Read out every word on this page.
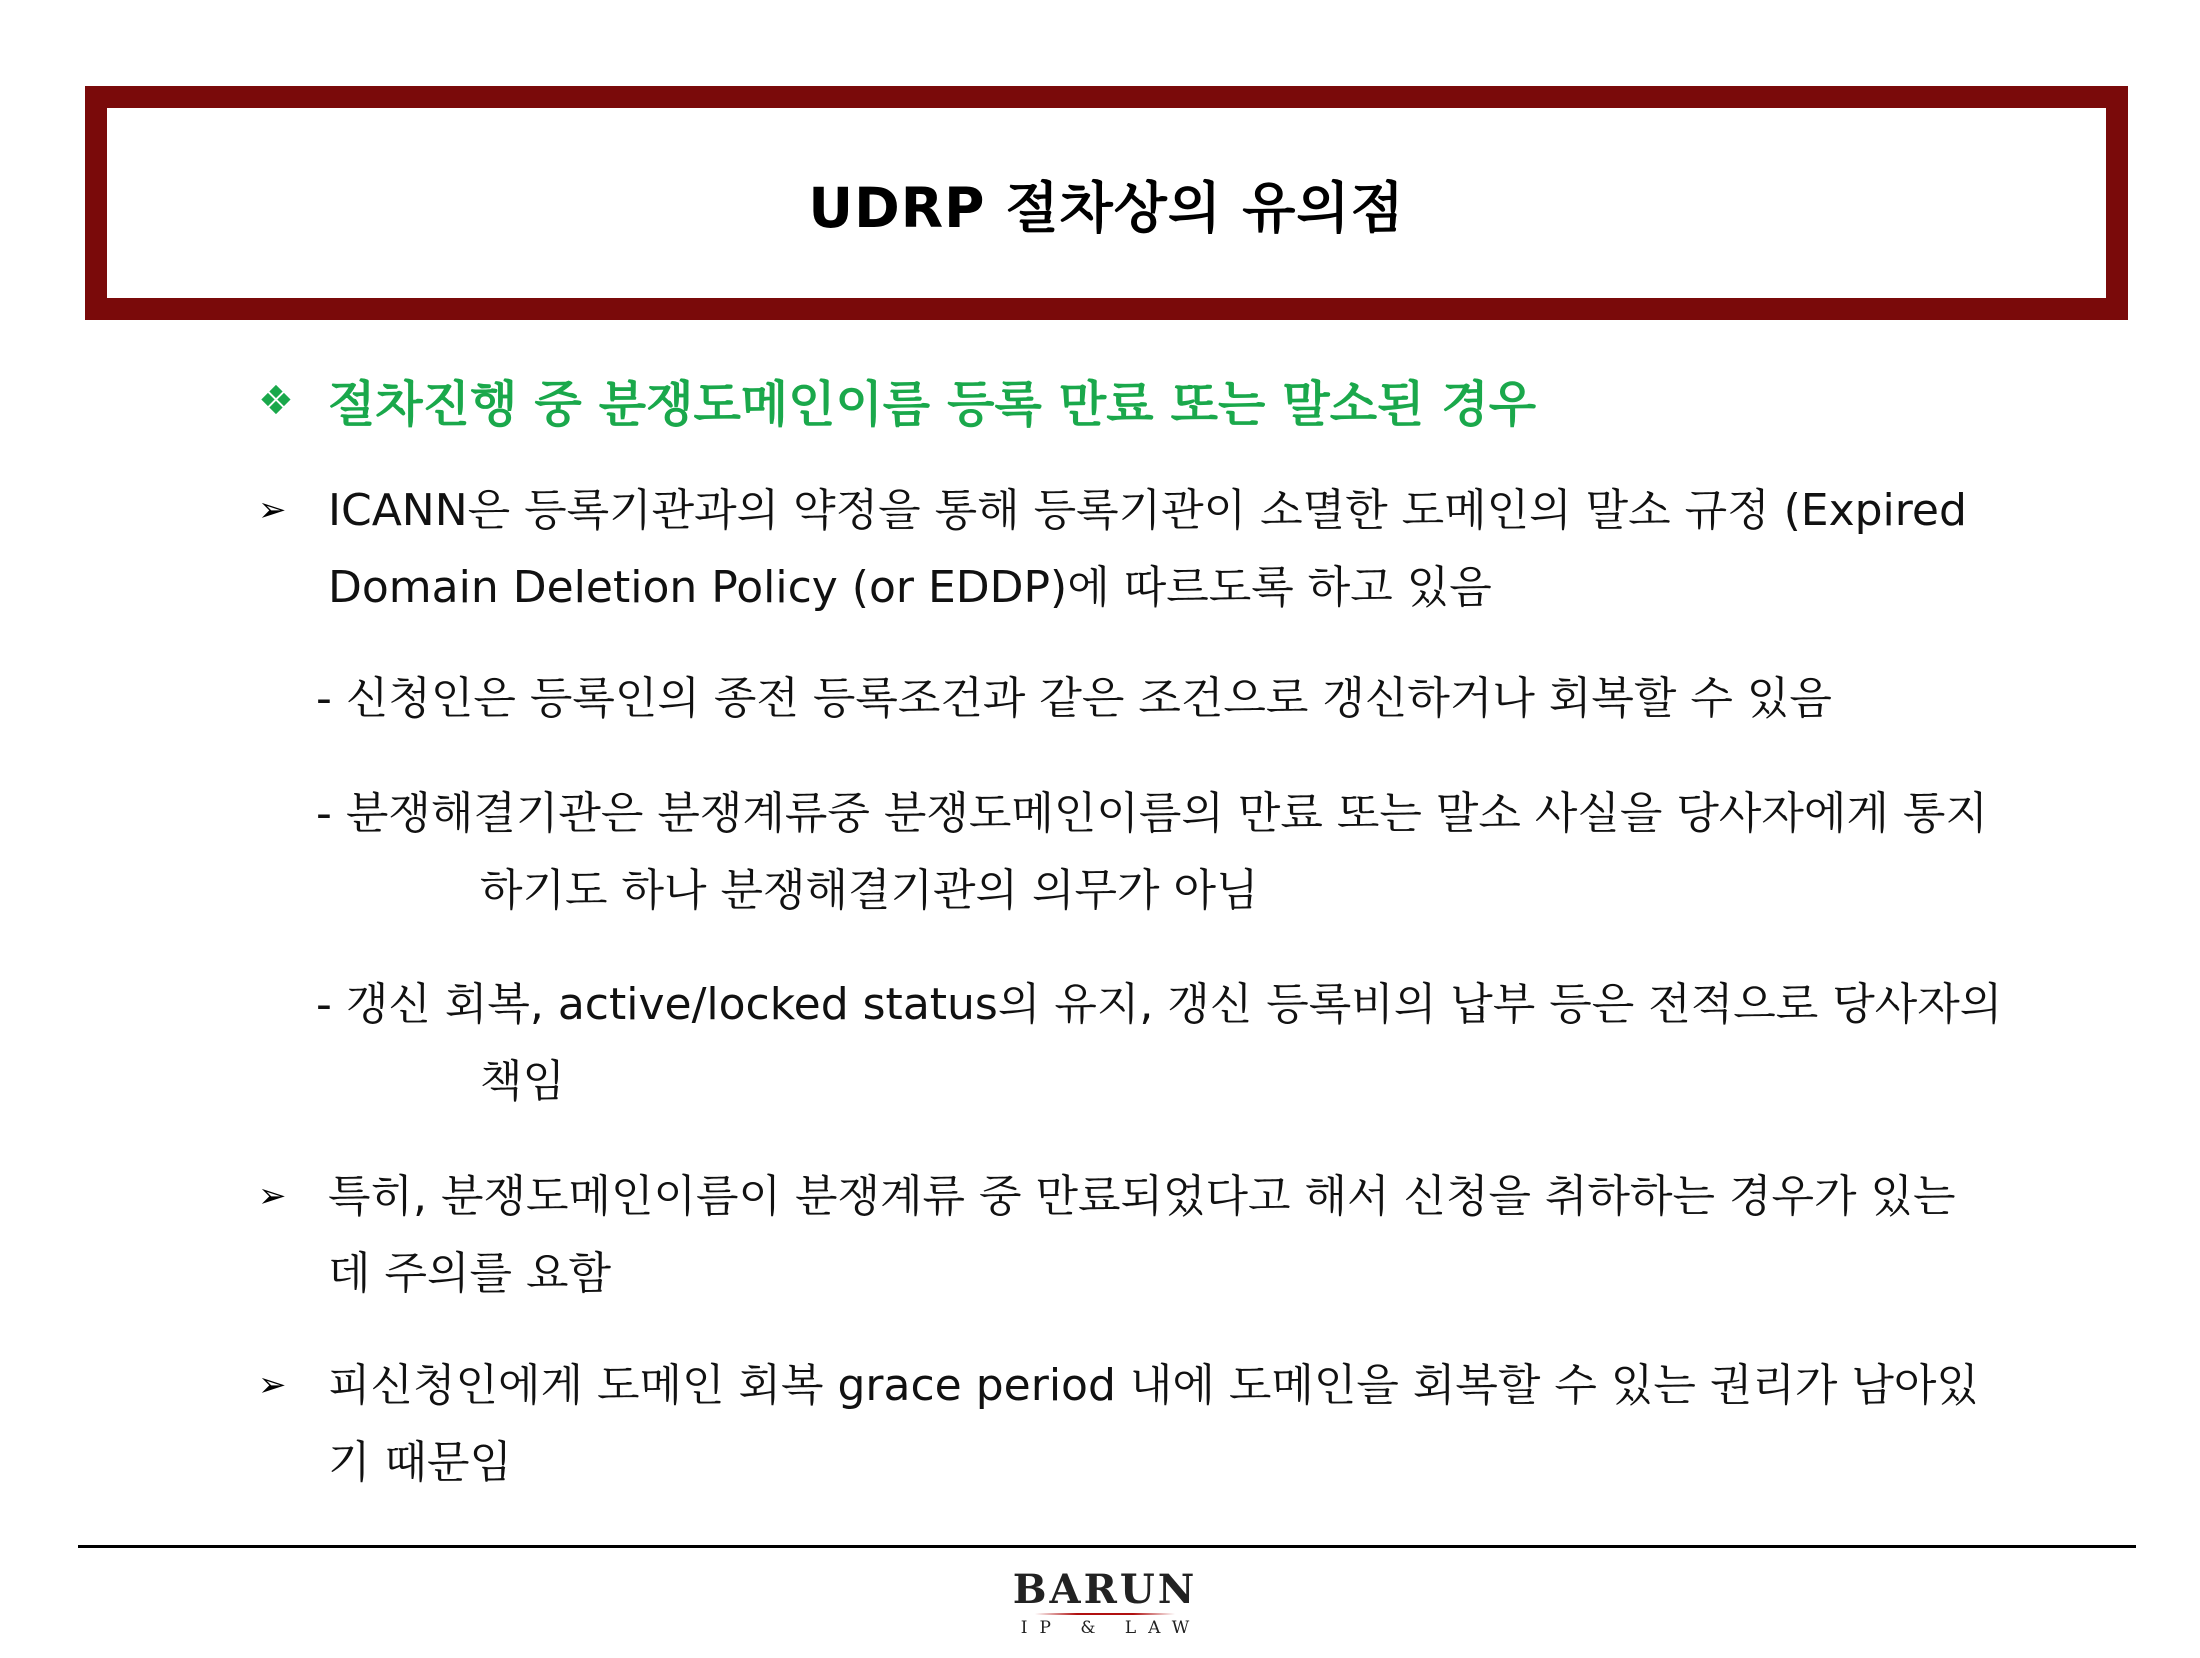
UDRP 절차상의 유의점
❖ 절차진행 중 분쟁도메인이름 등록 만료 또는 말소된 경우
➢ ICANN은 등록기관과의 약정을 통해 등록기관이 소멸한 도메인의 말소 규정 (Expired
Domain Deletion Policy (or EDDP)에 따르도록 하고 있음
- 신청인은 등록인의 종전 등록조건과 같은 조건으로 갱신하거나 회복할 수 있음
- 분쟁해결기관은 분쟁계류중 분쟁도메인이름의 만료 또는 말소 사실을 당사자에게 통지
하기도 하나 분쟁해결기관의 의무가 아님
- 갱신 회복, active/locked status의 유지, 갱신 등록비의 납부 등은 전적으로 당사자의
책임
➢ 특히, 분쟁도메인이름이 분쟁계류 중 만료되었다고 해서 신청을 취하하는 경우가 있는
데 주의를 요함
➢ 피신청인에게 도메인 회복 grace period 내에 도메인을 회복할 수 있는 권리가 남아있
기 때문임
BARUN
IP & LAW
